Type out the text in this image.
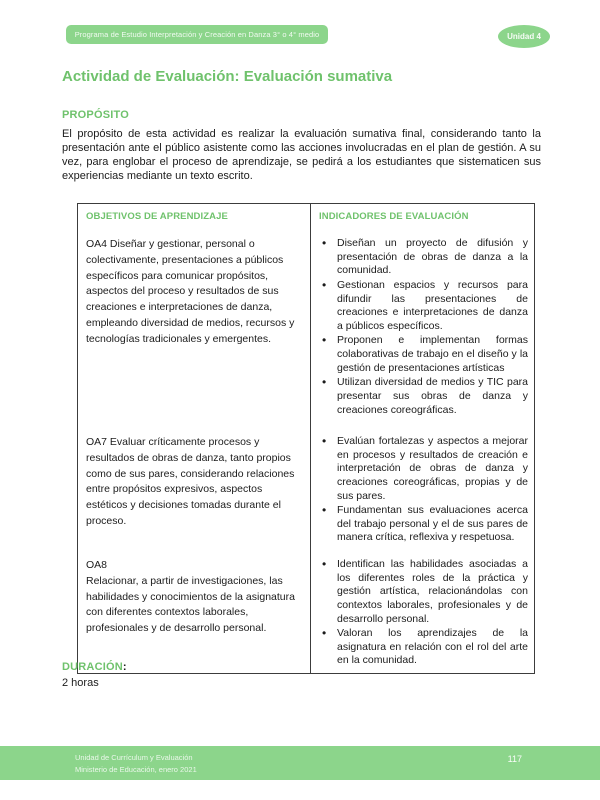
Programa de Estudio Interpretación y Creación en Danza 3° o 4° medio	Unidad 4
Actividad de Evaluación: Evaluación sumativa
PROPÓSITO

El propósito de esta actividad es realizar la evaluación sumativa final, considerando tanto la presentación ante el público asistente como las acciones involucradas en el plan de gestión. A su vez, para englobar el proceso de aprendizaje, se pedirá a los estudiantes que sistematicen sus experiencias mediante un texto escrito.

OBJETIVOS DE APRENDIZAJE	INDICADORES DE EVALUACIÓN
OA4 Diseñar y gestionar, personal o colectivamente, presentaciones a públicos específicos para comunicar propósitos, aspectos del proceso y resultados de sus creaciones e interpretaciones de danza, empleando diversidad de medios, recursos y tecnologías tradicionales y emergentes.
• Diseñan un proyecto de difusión y presentación de obras de danza a la comunidad.
• Gestionan espacios y recursos para difundir las presentaciones de creaciones e interpretaciones de danza a públicos específicos.
• Proponen e implementan formas colaborativas de trabajo en el diseño y la gestión de presentaciones artísticas
• Utilizan diversidad de medios y TIC para presentar sus obras de danza y creaciones coreográficas.
OA7 Evaluar críticamente procesos y resultados de obras de danza, tanto propios como de sus pares, considerando relaciones entre propósitos expresivos, aspectos estéticos y decisiones tomadas durante el proceso.
• Evalúan fortalezas y aspectos a mejorar en procesos y resultados de creación e interpretación de obras de danza y creaciones coreográficas, propias y de sus pares.
• Fundamentan sus evaluaciones acerca del trabajo personal y el de sus pares de manera crítica, reflexiva y respetuosa.
OA8
Relacionar, a partir de investigaciones, las habilidades y conocimientos de la asignatura con diferentes contextos laborales, profesionales y de desarrollo personal.
• Identifican las habilidades asociadas a los diferentes roles de la práctica y gestión artística, relacionándolas con contextos laborales, profesionales y de desarrollo personal.
• Valoran los aprendizajes de la asignatura en relación con el rol del arte en la comunidad.
DURACIÓN:
2 horas
Unidad de Currículum y Evaluación
Ministerio de Educación, enero 2021
117
